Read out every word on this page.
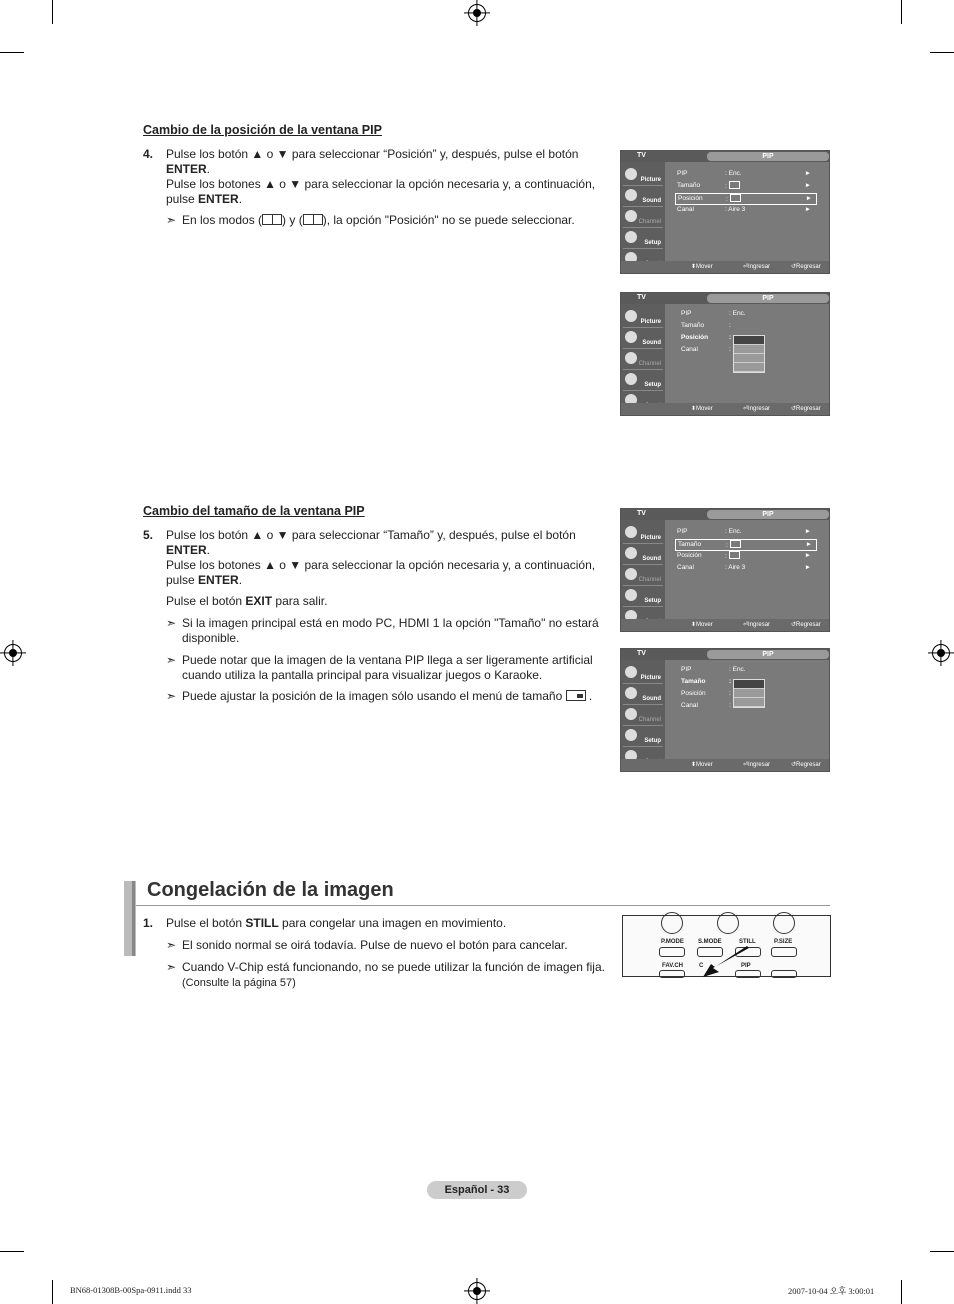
Cambio de la posición de la ventana PIP
4. Pulse los botón ▲ o ▼ para seleccionar “Posición” y, después, pulse el botón
ENTER.
Pulse los botones ▲ o ▼ para seleccionar la opción necesaria y, a continuación,
pulse ENTER.
➣ En los modos ( ) y ( ), la opción "Posición" no se puede seleccionar.
TV	PIP
Picture
Sound
Channel
Setup
PIP	: Enc.	►
Tamaño	:	►
Posición	:	►
Canal	: Aire 3	►
⬍ Mover	⏎ Ingresar	↺ Regresar
TV	PIP
Picture
Sound
Channel
Setup
PIP	: Enc.
Tamaño	:
Posición	:
Canal	:
⬍ Mover	⏎ Ingresar	↺ Regresar
Cambio del tamaño de la ventana PIP
5. Pulse los botón ▲ o ▼ para seleccionar “Tamaño” y, después, pulse el botón
ENTER.
Pulse los botones ▲ o ▼ para seleccionar la opción necesaria y, a continuación,
pulse ENTER.
Pulse el botón EXIT para salir.
➣ Si la imagen principal está en modo PC, HDMI 1 la opción "Tamaño" no estará disponible.
➣ Puede notar que la imagen de la ventana PIP llega a ser ligeramente artificial cuando utiliza la pantalla principal para visualizar juegos o Karaoke.
➣ Puede ajustar la posición de la imagen sólo usando el menú de tamaño  .
TV	PIP
Picture
Sound
Channel
Setup
PIP	: Enc.	►
Tamaño	:	►
Posición	:	►
Canal	: Aire 3	►
⬍ Mover	⏎ Ingresar	↺ Regresar
TV	PIP
Picture
Sound
Channel
Setup
PIP	: Enc.
Tamaño	:
Posición	:
Canal	:
⬍ Mover	⏎ Ingresar	↺ Regresar
Congelación de la imagen
1. Pulse el botón STILL para congelar una imagen en movimiento.
➣ El sonido normal se oirá todavía. Pulse de nuevo el botón para cancelar.
➣ Cuando V-Chip está funcionando, no se puede utilizar la función de imagen fija.
(Consulte la página 57)
P.MODE S.MODE	STILL	P.SIZE
FAV.CH	C	PIP
Español - 33
BN68-01308B-00Spa-0911.indd 33	2007-10-04 오후 3:00:01
